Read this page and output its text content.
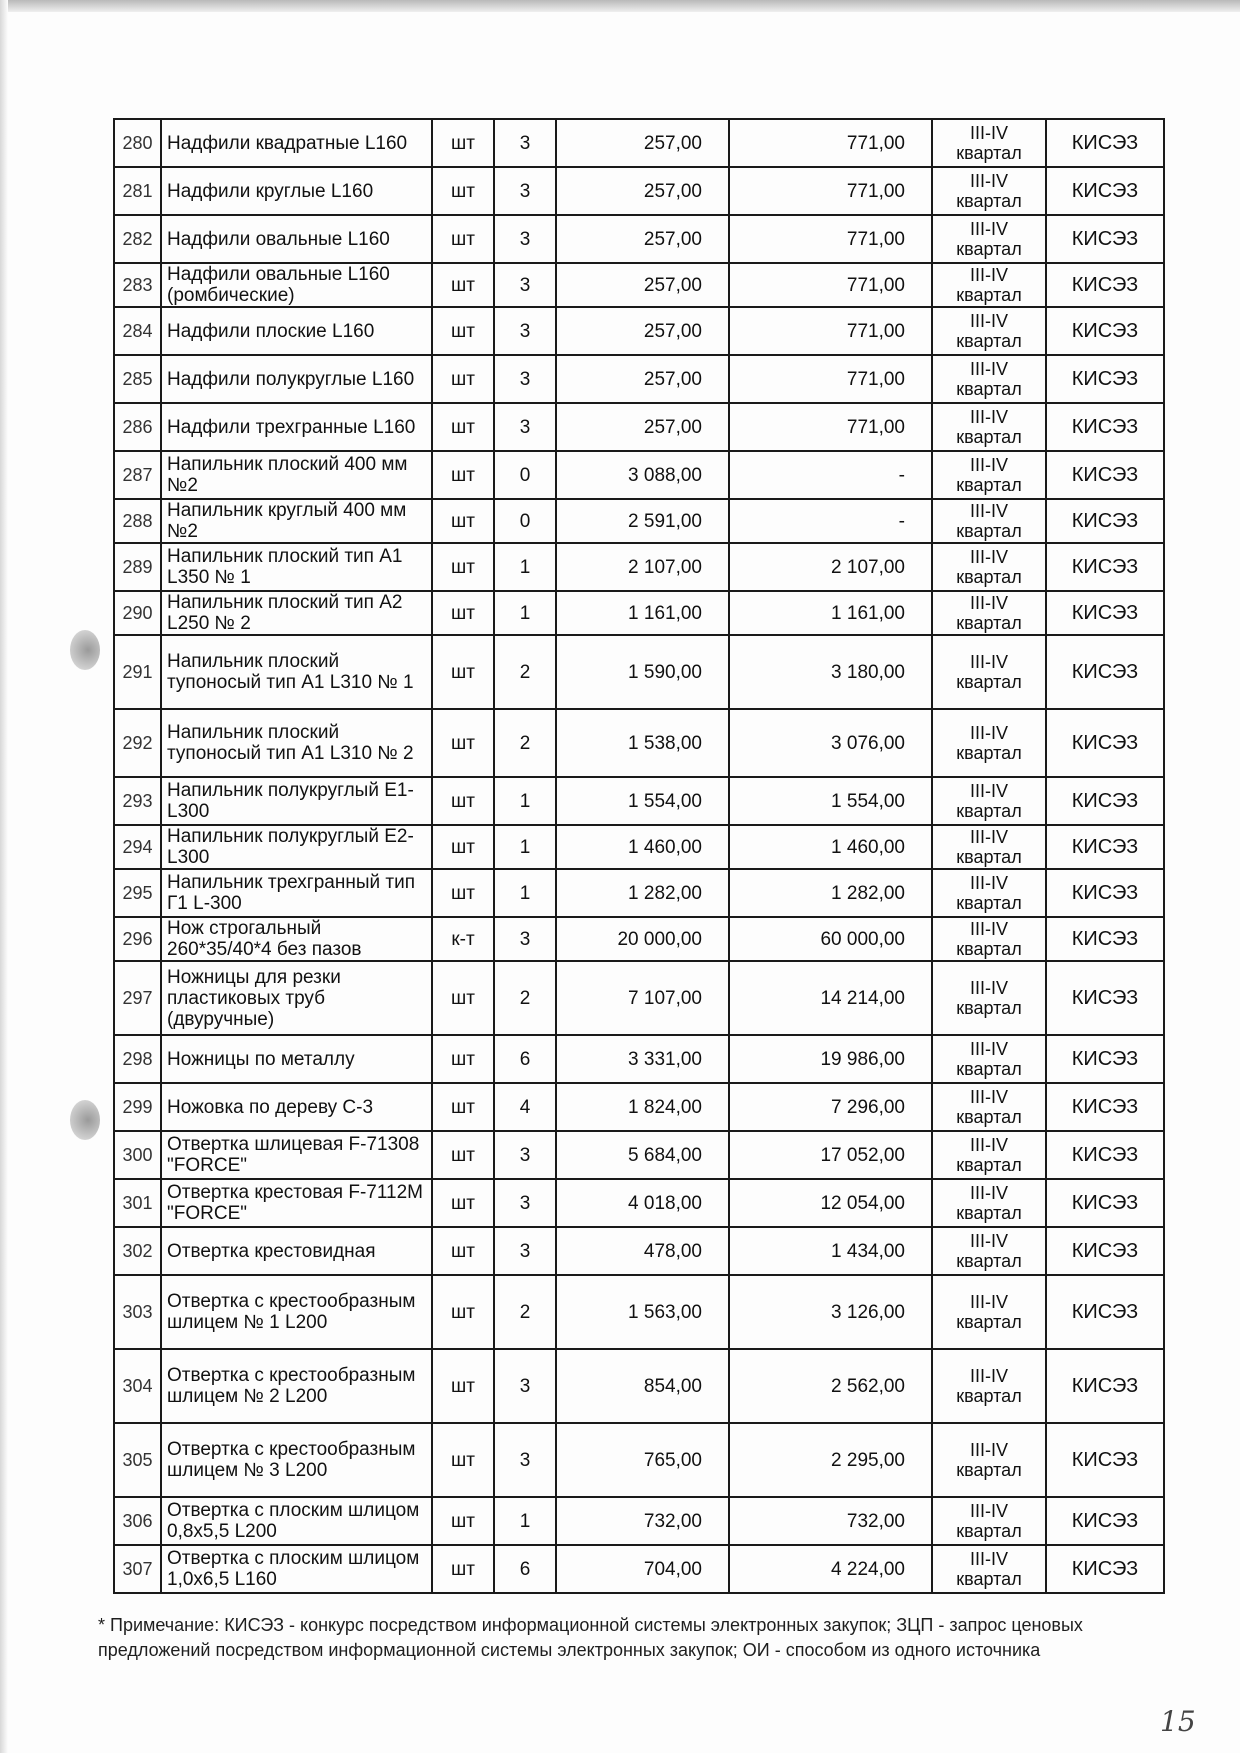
280	Надфили квадратные L160	шт	3	257,00	771,00	III-IV квартал	КИСЭЗ
281	Надфили круглые L160	шт	3	257,00	771,00	III-IV квартал	КИСЭЗ
282	Надфили овальные L160	шт	3	257,00	771,00	III-IV квартал	КИСЭЗ
283	Надфили овальные L160 (ромбические)	шт	3	257,00	771,00	III-IV квартал	КИСЭЗ
284	Надфили плоские L160	шт	3	257,00	771,00	III-IV квартал	КИСЭЗ
285	Надфили полукруглые L160	шт	3	257,00	771,00	III-IV квартал	КИСЭЗ
286	Надфили трехгранные L160	шт	3	257,00	771,00	III-IV квартал	КИСЭЗ
287	Напильник плоский 400 мм №2	шт	0	3 088,00	-	III-IV квартал	КИСЭЗ
288	Напильник круглый 400 мм №2	шт	0	2 591,00	-	III-IV квартал	КИСЭЗ
289	Напильник плоский тип А1 L350 № 1	шт	1	2 107,00	2 107,00	III-IV квартал	КИСЭЗ
290	Напильник плоский тип А2 L250 № 2	шт	1	1 161,00	1 161,00	III-IV квартал	КИСЭЗ
291	Напильник плоский тупоносый тип А1 L310 № 1	шт	2	1 590,00	3 180,00	III-IV квартал	КИСЭЗ
292	Напильник плоский тупоносый тип А1 L310 № 2	шт	2	1 538,00	3 076,00	III-IV квартал	КИСЭЗ
293	Напильник полукруглый Е1-L300	шт	1	1 554,00	1 554,00	III-IV квартал	КИСЭЗ
294	Напильник полукруглый Е2-L300	шт	1	1 460,00	1 460,00	III-IV квартал	КИСЭЗ
295	Напильник трехгранный тип Г1 L-300	шт	1	1 282,00	1 282,00	III-IV квартал	КИСЭЗ
296	Нож строгальный 260*35/40*4 без пазов	к-т	3	20 000,00	60 000,00	III-IV квартал	КИСЭЗ
297	Ножницы для резки пластиковых труб (двуручные)	шт	2	7 107,00	14 214,00	III-IV квартал	КИСЭЗ
298	Ножницы по металлу	шт	6	3 331,00	19 986,00	III-IV квартал	КИСЭЗ
299	Ножовка по дереву С-3	шт	4	1 824,00	7 296,00	III-IV квартал	КИСЭЗ
300	Отвертка шлицевая F-71308 "FORCE"	шт	3	5 684,00	17 052,00	III-IV квартал	КИСЭЗ
301	Отвертка крестовая F-7112M "FORCE"	шт	3	4 018,00	12 054,00	III-IV квартал	КИСЭЗ
302	Отвертка крестовидная	шт	3	478,00	1 434,00	III-IV квартал	КИСЭЗ
303	Отвертка с крестообразным шлицем № 1 L200	шт	2	1 563,00	3 126,00	III-IV квартал	КИСЭЗ
304	Отвертка с крестообразным шлицем № 2 L200	шт	3	854,00	2 562,00	III-IV квартал	КИСЭЗ
305	Отвертка с крестообразным шлицем № 3 L200	шт	3	765,00	2 295,00	III-IV квартал	КИСЭЗ
306	Отвертка с плоским шлицом 0,8х5,5 L200	шт	1	732,00	732,00	III-IV квартал	КИСЭЗ
307	Отвертка с плоским шлицом 1,0х6,5 L160	шт	6	704,00	4 224,00	III-IV квартал	КИСЭЗ
* Примечание: КИСЭЗ - конкурс посредством информационной системы электронных закупок; ЗЦП - запрос ценовых предложений посредством информационной системы электронных закупок; ОИ - способом из одного источника
15
